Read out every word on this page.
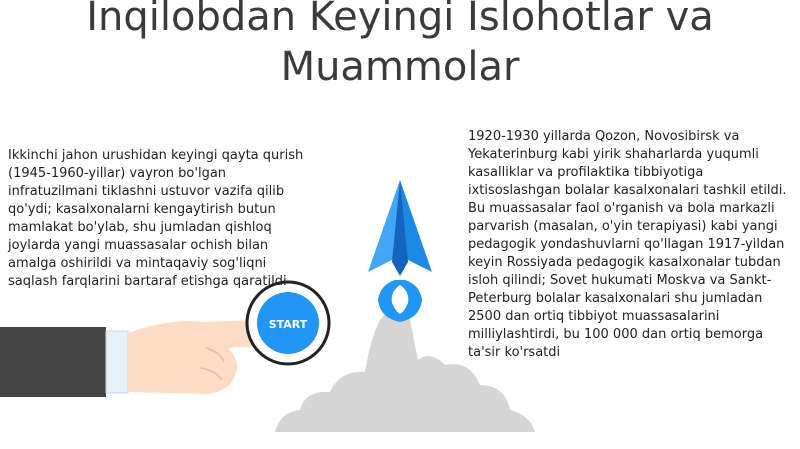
Inqilobdan Keyingi Islohotlar va Muammolar
START
Ikkinchi jahon urushidan keyingi qayta qurish (1945-1960-yillar) vayron bo'lgan infratuzilmani tiklashni ustuvor vazifa qilib qo'ydi; kasalxonalarni kengaytirish butun mamlakat bo'ylab, shu jumladan qishloq joylarda yangi muassasalar ochish bilan amalga oshirildi va mintaqaviy sog'liqni saqlash farqlarini bartaraf etishga qaratildi
1920-1930 yillarda Qozon, Novosibirsk va Yekaterinburg kabi yirik shaharlarda yuqumli kasalliklar va profilaktika tibbiyotiga ixtisoslashgan bolalar kasalxonalari tashkil etildi. Bu muassasalar faol o'rganish va bola markazli parvarish (masalan, o'yin terapiyasi) kabi yangi pedagogik yondashuvlarni qo'llagan 1917-yildan keyin Rossiyada pedagogik kasalxonalar tubdan isloh qilindi; Sovet hukumati Moskva va Sankt-Peterburg bolalar kasalxonalari shu jumladan 2500 dan ortiq tibbiyot muassasalarini milliylashtirdi, bu 100 000 dan ortiq bemorga ta'sir ko'rsatdi
